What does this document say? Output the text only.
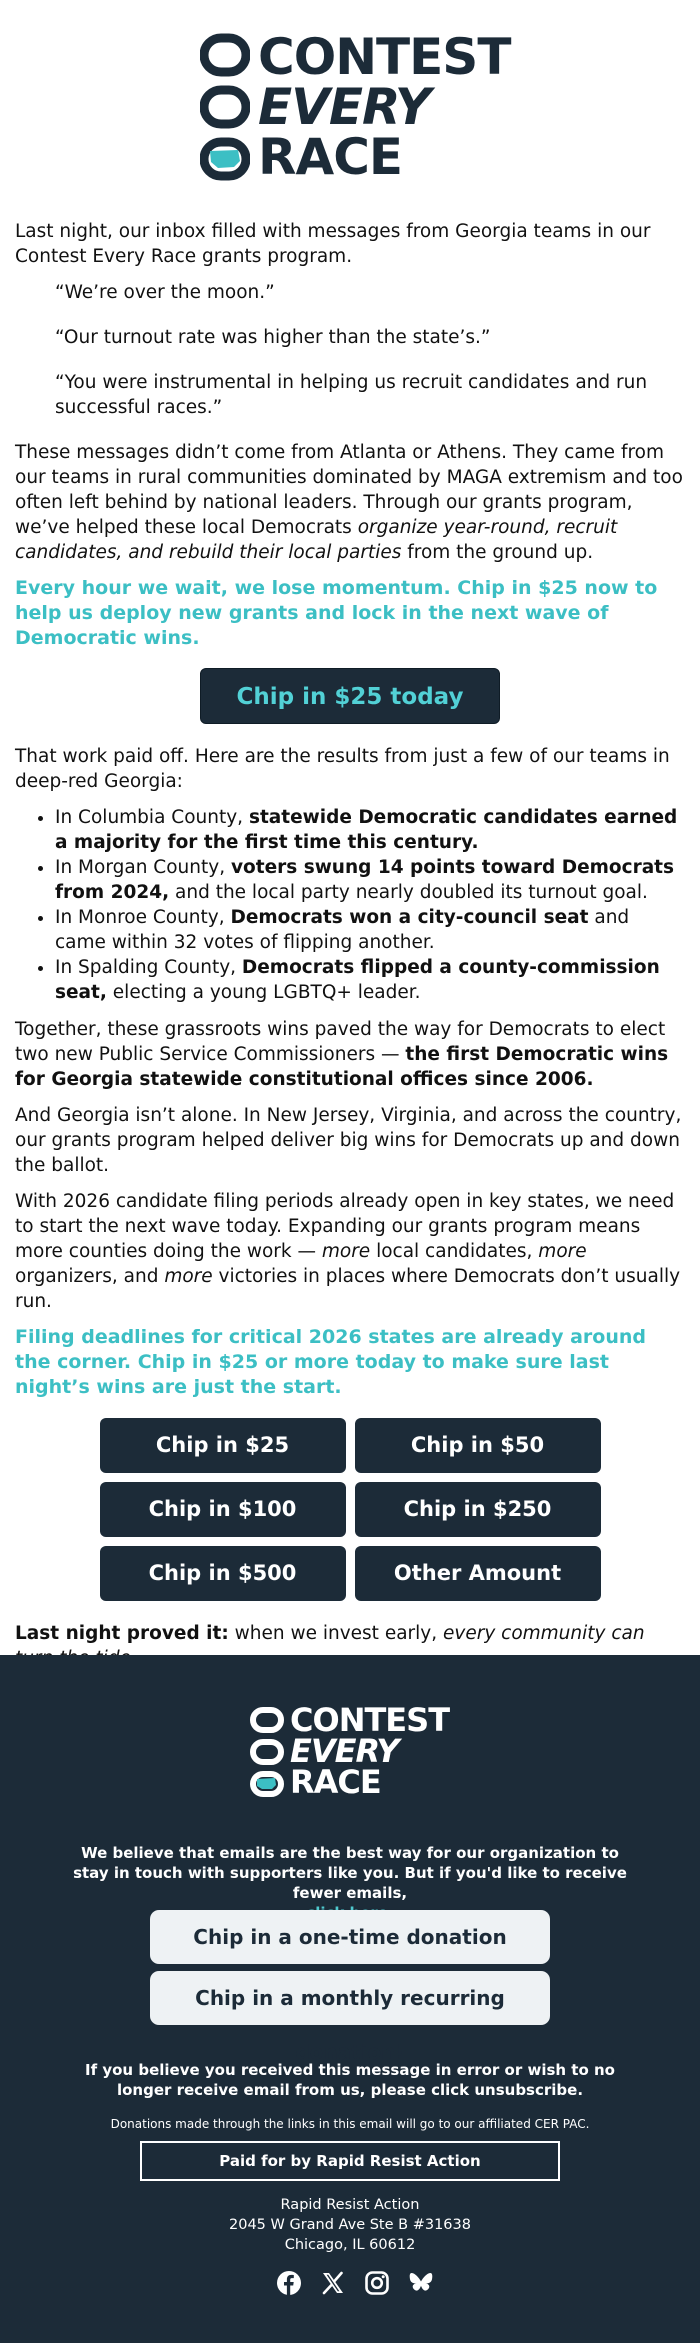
CONTEST
EVERY
RACE

Last night, our inbox filled with messages from Georgia teams in our Contest Every Race grants program.

“We’re over the moon.”

“Our turnout rate was higher than the state’s.”

“You were instrumental in helping us recruit candidates and run successful races.”

These messages didn’t come from Atlanta or Athens. They came from our teams in rural communities dominated by MAGA extremism and too often left behind by national leaders. Through our grants program, we’ve helped these local Democrats organize year-round, recruit candidates, and rebuild their local parties from the ground up.

Every hour we wait, we lose momentum. Chip in $25 now to help us deploy new grants and lock in the next wave of Democratic wins.

Chip in $25 today

That work paid off. Here are the results from just a few of our teams in deep-red Georgia:

• In Columbia County, statewide Democratic candidates earned a majority for the first time this century.
• In Morgan County, voters swung 14 points toward Democrats from 2024, and the local party nearly doubled its turnout goal.
• In Monroe County, Democrats won a city-council seat and came within 32 votes of flipping another.
• In Spalding County, Democrats flipped a county-commission seat, electing a young LGBTQ+ leader.

Together, these grassroots wins paved the way for Democrats to elect two new Public Service Commissioners — the first Democratic wins for Georgia statewide constitutional offices since 2006.

And Georgia isn’t alone. In New Jersey, Virginia, and across the country, our grants program helped deliver big wins for Democrats up and down the ballot.

With 2026 candidate filing periods already open in key states, we need to start the next wave today. Expanding our grants program means more counties doing the work — more local candidates, more organizers, and more victories in places where Democrats don’t usually run.

Filing deadlines for critical 2026 states are already around the corner. Chip in $25 or more today to make sure last night’s wins are just the start.

Chip in $25	Chip in $50
Chip in $100	Chip in $250
Chip in $500	Other Amount

Last night proved it: when we invest early, every community can

CONTEST
EVERY
RACE

We believe that emails are the best way for our organization to stay in touch with supporters like you. But if you'd like to receive fewer emails,

Chip in a one-time donation
Chip in a monthly recurring donation!

If you believe you received this message in error or wish to no longer receive email from us, please click unsubscribe.

Donations made through the links in this email will go to our affiliated CER PAC.

Paid for by Rapid Resist Action
Rapid Resist Action
2045 W Grand Ave Ste B #31638
Chicago, IL 60612
